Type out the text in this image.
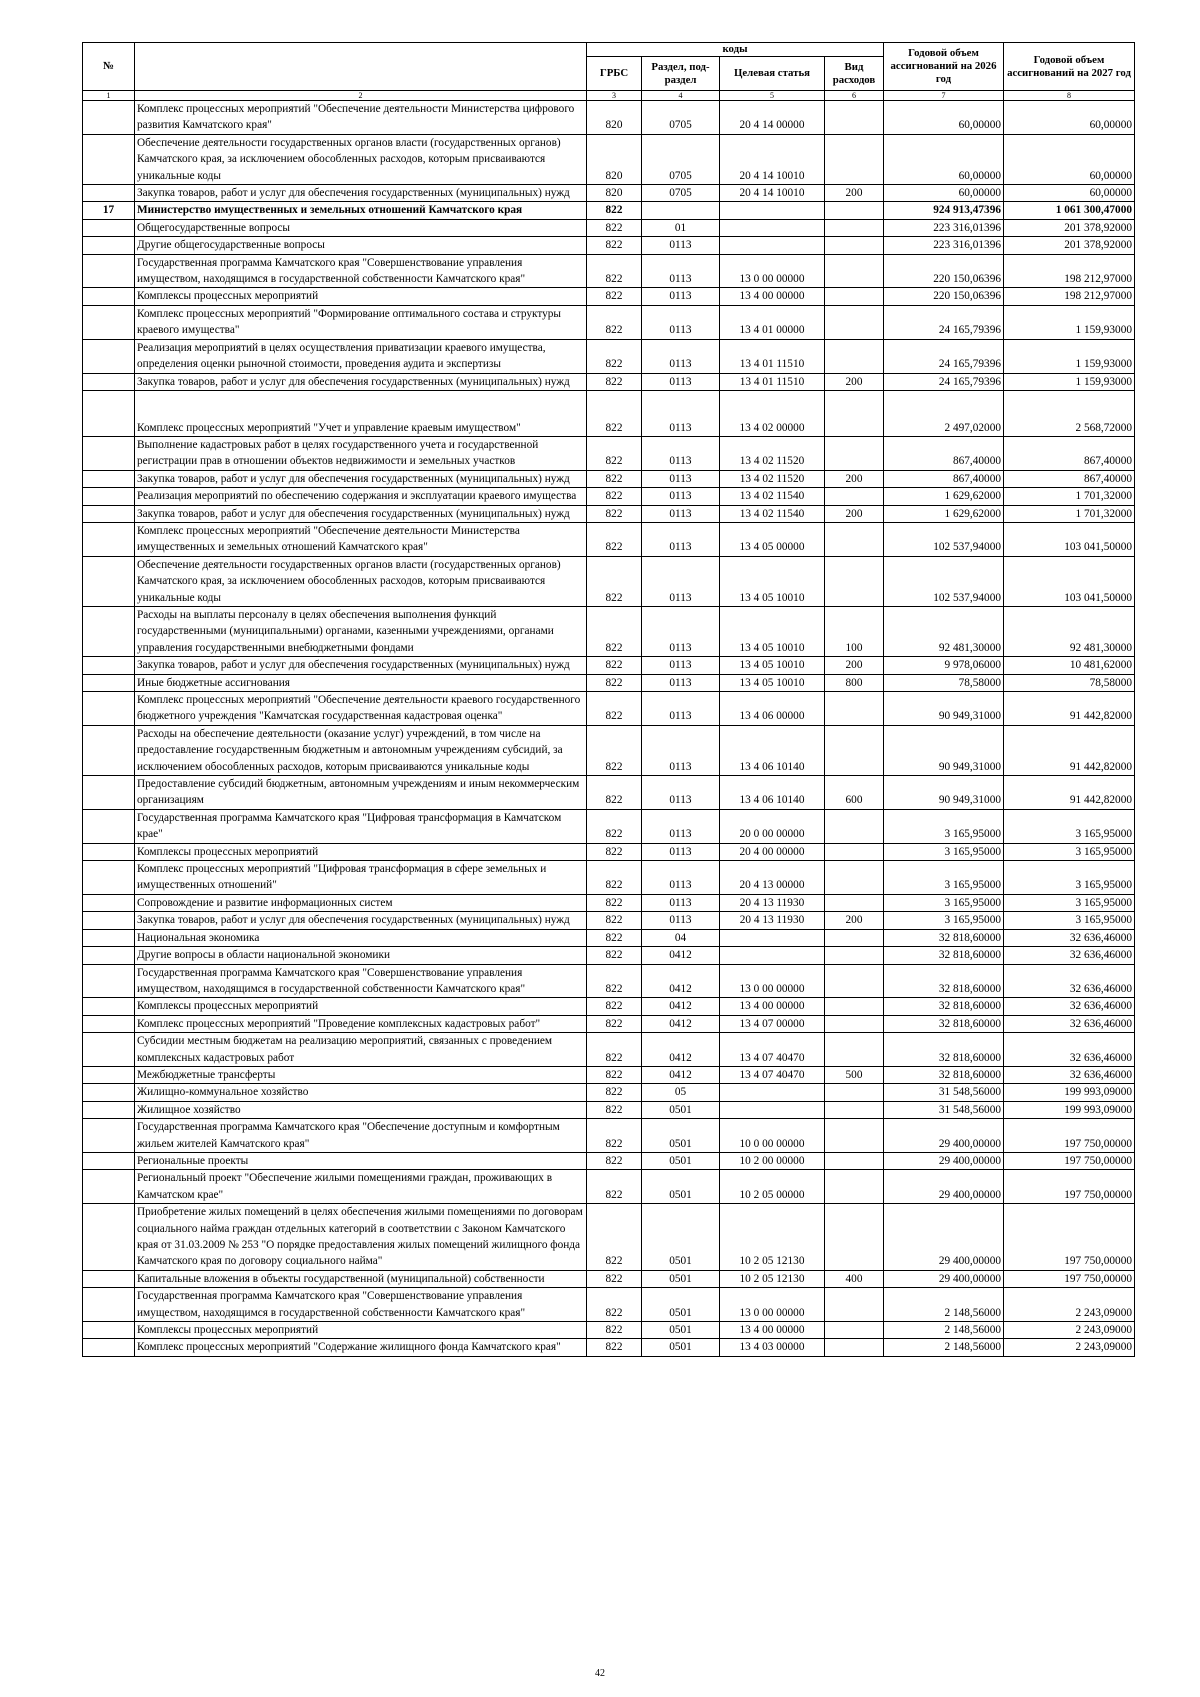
№		коды				Годовой объем ассигнований на 2026 год	Годовой объем ассигнований на 2027 год
		ГРБС	Раздел, под-раздел	Целевая статья	Вид расходов		
1	2	3	4	5	6	7	8
	Комплекс процессных мероприятий "Обеспечение деятельности Министерства цифрового развития Камчатского края"	820	0705	20 4 14 00000		60,00000	60,00000
	Обеспечение деятельности государственных органов власти (государственных органов) Камчатского края, за исключением обособленных расходов, которым присваиваются уникальные коды	820	0705	20 4 14 10010		60,00000	60,00000
	Закупка товаров, работ и услуг для обеспечения государственных (муниципальных) нужд	820	0705	20 4 14 10010	200	60,00000	60,00000
17	Министерство имущественных и земельных отношений Камчатского края	822				924 913,47396	1 061 300,47000
	Общегосударственные вопросы	822	01			223 316,01396	201 378,92000
	Другие общегосударственные вопросы	822	0113			223 316,01396	201 378,92000
	Государственная программа Камчатского края "Совершенствование управления имуществом, находящимся в государственной собственности Камчатского края"	822	0113	13 0 00 00000		220 150,06396	198 212,97000
	Комплексы процессных мероприятий	822	0113	13 4 00 00000		220 150,06396	198 212,97000
	Комплекс процессных мероприятий "Формирование оптимального состава и структуры краевого имущества"	822	0113	13 4 01 00000		24 165,79396	1 159,93000
	Реализация мероприятий в целях осуществления приватизации краевого имущества, определения оценки рыночной стоимости, проведения аудита и экспертизы	822	0113	13 4 01 11510		24 165,79396	1 159,93000
	Закупка товаров, работ и услуг для обеспечения государственных (муниципальных) нужд	822	0113	13 4 01 11510	200	24 165,79396	1 159,93000
	Комплекс процессных мероприятий "Учет и управление краевым имуществом"	822	0113	13 4 02 00000		2 497,02000	2 568,72000
	Выполнение кадастровых работ в целях государственного учета и государственной регистрации прав в отношении объектов недвижимости и земельных участков	822	0113	13 4 02 11520		867,40000	867,40000
	Закупка товаров, работ и услуг для обеспечения государственных (муниципальных) нужд	822	0113	13 4 02 11520	200	867,40000	867,40000
	Реализация мероприятий по обеспечению содержания и эксплуатации краевого имущества	822	0113	13 4 02 11540		1 629,62000	1 701,32000
	Закупка товаров, работ и услуг для обеспечения государственных (муниципальных) нужд	822	0113	13 4 02 11540	200	1 629,62000	1 701,32000
	Комплекс процессных мероприятий "Обеспечение деятельности Министерства имущественных и земельных отношений Камчатского края"	822	0113	13 4 05 00000		102 537,94000	103 041,50000
	Обеспечение деятельности государственных органов власти (государственных органов) Камчатского края, за исключением обособленных расходов, которым присваиваются уникальные коды	822	0113	13 4 05 10010		102 537,94000	103 041,50000
	Расходы на выплаты персоналу в целях обеспечения выполнения функций государственными (муниципальными) органами, казенными учреждениями, органами управления государственными внебюджетными фондами	822	0113	13 4 05 10010	100	92 481,30000	92 481,30000
	Закупка товаров, работ и услуг для обеспечения государственных (муниципальных) нужд	822	0113	13 4 05 10010	200	9 978,06000	10 481,62000
	Иные бюджетные ассигнования	822	0113	13 4 05 10010	800	78,58000	78,58000
	Комплекс процессных мероприятий "Обеспечение деятельности краевого государственного бюджетного учреждения "Камчатская государственная кадастровая оценка"	822	0113	13 4 06 00000		90 949,31000	91 442,82000
	Расходы на обеспечение деятельности (оказание услуг) учреждений, в том числе на предоставление государственным бюджетным и автономным учреждениям субсидий, за исключением обособленных расходов, которым присваиваются уникальные коды	822	0113	13 4 06 10140		90 949,31000	91 442,82000
	Предоставление субсидий бюджетным, автономным учреждениям и иным некоммерческим организациям	822	0113	13 4 06 10140	600	90 949,31000	91 442,82000
	Государственная программа Камчатского края "Цифровая трансформация в Камчатском крае"	822	0113	20 0 00 00000		3 165,95000	3 165,95000
	Комплексы процессных мероприятий	822	0113	20 4 00 00000		3 165,95000	3 165,95000
	Комплекс процессных мероприятий "Цифровая трансформация в сфере земельных и имущественных отношений"	822	0113	20 4 13 00000		3 165,95000	3 165,95000
	Сопровождение и развитие информационных систем	822	0113	20 4 13 11930		3 165,95000	3 165,95000
	Закупка товаров, работ и услуг для обеспечения государственных (муниципальных) нужд	822	0113	20 4 13 11930	200	3 165,95000	3 165,95000
	Национальная экономика	822	04			32 818,60000	32 636,46000
	Другие вопросы в области национальной экономики	822	0412			32 818,60000	32 636,46000
	Государственная программа Камчатского края "Совершенствование управления имуществом, находящимся в государственной собственности Камчатского края"	822	0412	13 0 00 00000		32 818,60000	32 636,46000
	Комплексы процессных мероприятий	822	0412	13 4 00 00000		32 818,60000	32 636,46000
	Комплекс процессных мероприятий "Проведение комплексных кадастровых работ"	822	0412	13 4 07 00000		32 818,60000	32 636,46000
	Субсидии местным бюджетам на реализацию мероприятий, связанных с проведением комплексных кадастровых работ	822	0412	13 4 07 40470		32 818,60000	32 636,46000
	Межбюджетные трансферты	822	0412	13 4 07 40470	500	32 818,60000	32 636,46000
	Жилищно-коммунальное хозяйство	822	05			31 548,56000	199 993,09000
	Жилищное хозяйство	822	0501			31 548,56000	199 993,09000
	Государственная программа Камчатского края "Обеспечение доступным и комфортным жильем жителей Камчатского края"	822	0501	10 0 00 00000		29 400,00000	197 750,00000
	Региональные проекты	822	0501	10 2 00 00000		29 400,00000	197 750,00000
	Региональный проект "Обеспечение жилыми помещениями граждан, проживающих в Камчатском крае"	822	0501	10 2 05 00000		29 400,00000	197 750,00000
	Приобретение жилых помещений в целях обеспечения жилыми помещениями по договорам социального найма граждан отдельных категорий в соответствии с Законом Камчатского края от 31.03.2009 № 253 "О порядке предоставления жилых помещений жилищного фонда Камчатского края по договору социального найма"	822	0501	10 2 05 12130		29 400,00000	197 750,00000
	Капитальные вложения в объекты государственной (муниципальной) собственности	822	0501	10 2 05 12130	400	29 400,00000	197 750,00000
	Государственная программа Камчатского края "Совершенствование управления имуществом, находящимся в государственной собственности Камчатского края"	822	0501	13 0 00 00000		2 148,56000	2 243,09000
	Комплексы процессных мероприятий	822	0501	13 4 00 00000		2 148,56000	2 243,09000
	Комплекс процессных мероприятий "Содержание жилищного фонда Камчатского края"	822	0501	13 4 03 00000		2 148,56000	2 243,09000
42
